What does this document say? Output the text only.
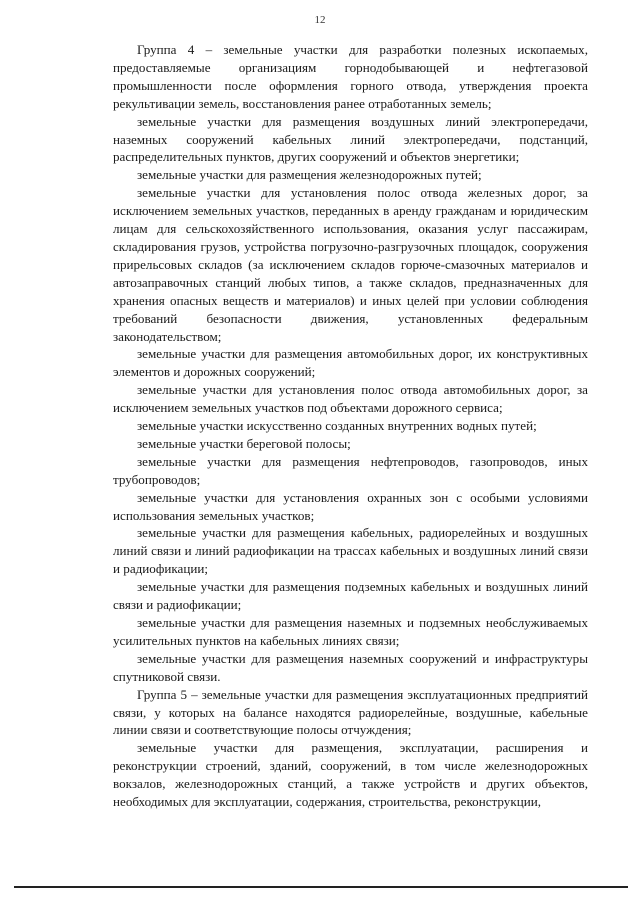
12

Группа 4 – земельные участки для разработки полезных ископаемых, предоставляемые организациям горнодобывающей и нефтегазовой промышленности после оформления горного отвода, утверждения проекта рекультивации земель, восстановления ранее отработанных земель;

земельные участки для размещения воздушных линий электропередачи, наземных сооружений кабельных линий электропередачи, подстанций, распределительных пунктов, других сооружений и объектов энергетики;

земельные участки для размещения железнодорожных путей;

земельные участки для установления полос отвода железных дорог, за исключением земельных участков, переданных в аренду гражданам и юридическим лицам для сельскохозяйственного использования, оказания услуг пассажирам, складирования грузов, устройства погрузочно-разгрузочных площадок, сооружения прирельсовых складов (за исключением складов горюче-смазочных материалов и автозаправочных станций любых типов, а также складов, предназначенных для хранения опасных веществ и материалов) и иных целей при условии соблюдения требований безопасности движения, установленных федеральным законодательством;

земельные участки для размещения автомобильных дорог, их конструктивных элементов и дорожных сооружений;

земельные участки для установления полос отвода автомобильных дорог, за исключением земельных участков под объектами дорожного сервиса;

земельные участки искусственно созданных внутренних водных путей;

земельные участки береговой полосы;

земельные участки для размещения нефтепроводов, газопроводов, иных трубопроводов;

земельные участки для установления охранных зон с особыми условиями использования земельных участков;

земельные участки для размещения кабельных, радиорелейных и воздушных линий связи и линий радиофикации на трассах кабельных и воздушных линий связи и радиофикации;

земельные участки для размещения подземных кабельных и воздушных линий связи и радиофикации;

земельные участки для размещения наземных и подземных необслуживаемых усилительных пунктов на кабельных линиях связи;

земельные участки для размещения наземных сооружений и инфраструктуры спутниковой связи.

Группа 5 – земельные участки для размещения эксплуатационных предприятий связи, у которых на балансе находятся радиорелейные, воздушные, кабельные линии связи и соответствующие полосы отчуждения;

земельные участки для размещения, эксплуатации, расширения и реконструкции строений, зданий, сооружений, в том числе железнодорожных вокзалов, железнодорожных станций, а также устройств и других объектов, необходимых для эксплуатации, содержания, строительства, реконструкции,
